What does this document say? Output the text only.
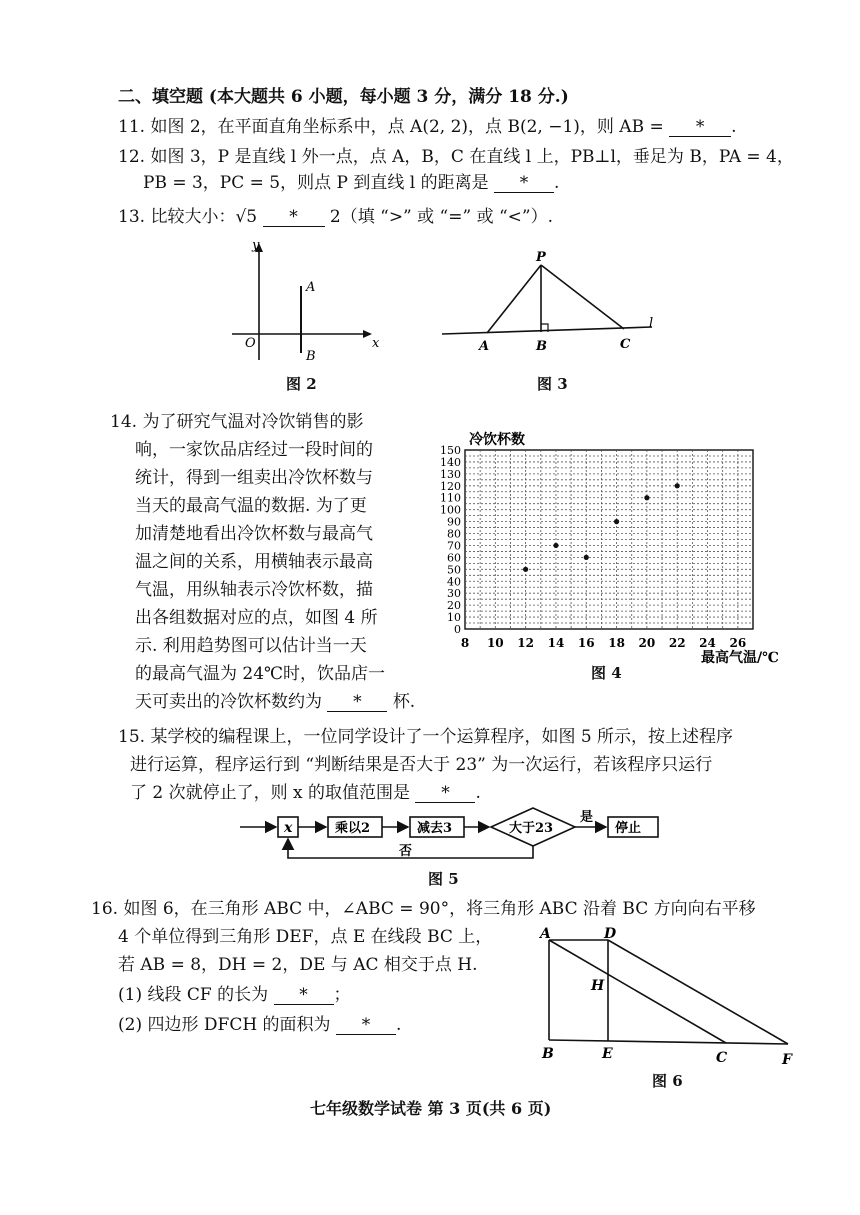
二、填空题 (本大题共 6 小题，每小题 3 分，满分 18 分.)
11. 如图 2，在平面直角坐标系中，点 A(2, 2)，点 B(2, −1)，则 AB = * .
12. 如图 3，P 是直线 l 外一点，点 A，B，C 在直线 l 上，PB⊥l，垂足为 B，PA = 4，
PB = 3，PC = 5，则点 P 到直线 l 的距离是 * .
13. 比较大小：√5 * 2（填 “>” 或 “=” 或 “<”）.
y
x
O
A
B
图 2
P
A	B	C
l
图 3
14. 为了研究气温对冷饮销售的影
响，一家饮品店经过一段时间的
统计，得到一组卖出冷饮杯数与
当天的最高气温的数据. 为了更
加清楚地看出冷饮杯数与最高气
温之间的关系，用横轴表示最高
气温，用纵轴表示冷饮杯数，描
出各组数据对应的点，如图 4 所
示. 利用趋势图可以估计当一天
的最高气温为 24℃时，饮品店一
天可卖出的冷饮杯数约为 * 杯.
冷饮杯数
最高气温/℃
0
10
20
30
40
50
60
70
80
90
100
110
120
130
140
150
8 10 12 14 16 18 20 22 24 26
图 4
15. 某学校的编程课上，一位同学设计了一个运算程序，如图 5 所示，按上述程序
进行运算，程序运行到 “判断结果是否大于 23” 为一次运行，若该程序只运行
了 2 次就停止了，则 x 的取值范围是 * .
x	乘以2	减去3	大于23
是
停止
否
图 5
16. 如图 6，在三角形 ABC 中，∠ABC = 90°，将三角形 ABC 沿着 BC 方向向右平移
4 个单位得到三角形 DEF，点 E 在线段 BC 上，
若 AB = 8，DH = 2，DE 与 AC 相交于点 H.
(1) 线段 CF 的长为 * ；
(2) 四边形 DFCH 的面积为 * .
A	D
H
B	E	C	F
图 6
七年级数学试卷 第 3 页(共 6 页)
